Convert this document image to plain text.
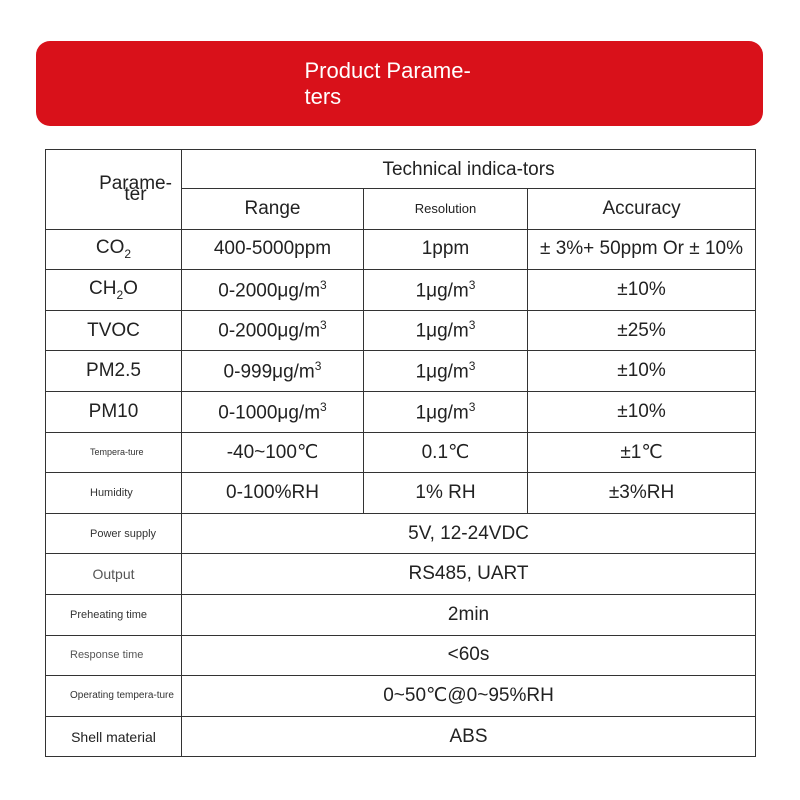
Product Parame-ters
Parame-ter	Technical indica-tors		
	Range	Resolution	Accuracy
$CO_2$	400-5000ppm	1ppm	± 3%+ 50ppm Or ± 10%
$CH_2O$	$0-2000\mu g/m^3$	$1\mu g/m^3$	±10%
TVOC	$0-2000\mu g/m^3$	$1\mu g/m^3$	±25%
PM2.5	$0-999\mu g/m^3$	$1\mu g/m^3$	±10%
PM10	$0-1000\mu g/m^3$	$1\mu g/m^3$	±10%
Tempera-ture	-40~100℃	0.1℃	±1℃
Humidity	0-100%RH	1% RH	±3%RH
Power supply	5V, 12-24VDC		
Output	RS485, UART		
Preheating time	2min		
Response time	<60s		
Operating tempera-ture	0~50℃@0~95%RH		
Shell material	ABS		
